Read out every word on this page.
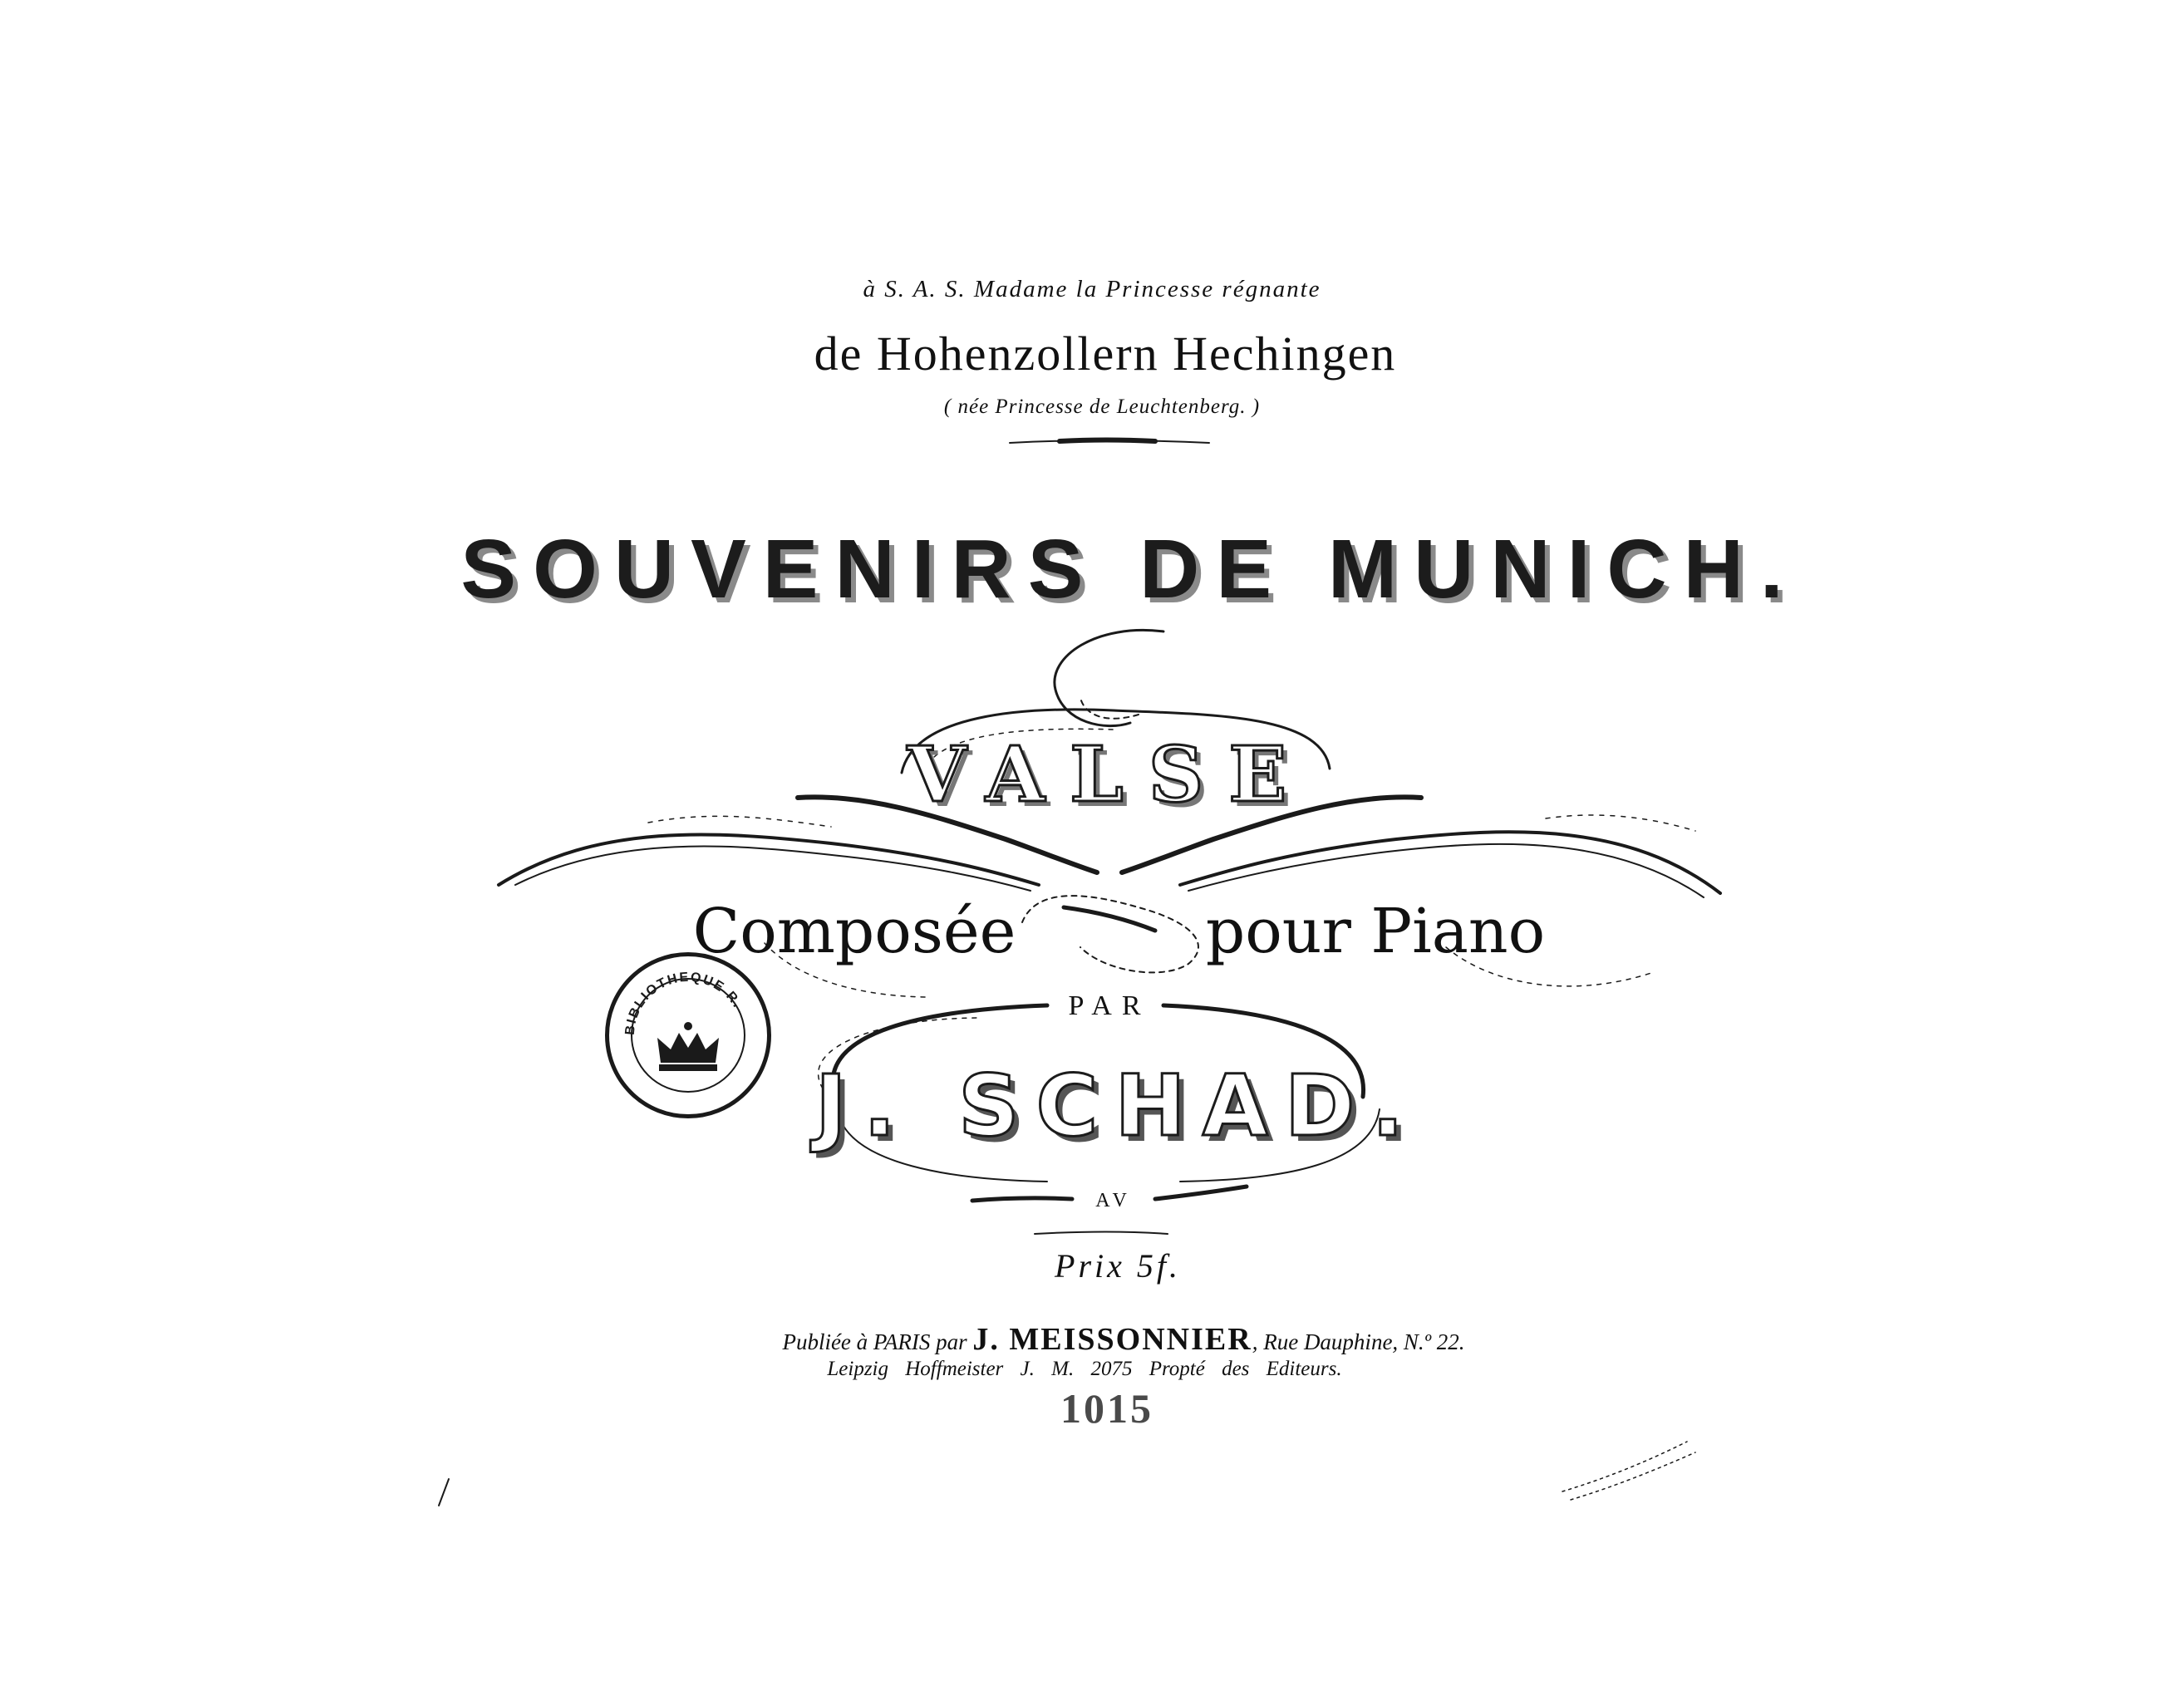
BIBLIOTHEQUE R.
à S. A. S. Madame la Princesse régnante
de Hohenzollern Hechingen
( née Princesse de Leuchtenberg. )
SOUVENIRS DE MUNICH.
VALSE
Composée	pour Piano
PAR
J. SCHAD.
AV
Prix 5f.
Publiée à PARIS par J. MEISSONNIER, Rue Dauphine, N.º 22.
Leipzig Hoffmeister J. M. 2075 Propté des Editeurs.
1015
